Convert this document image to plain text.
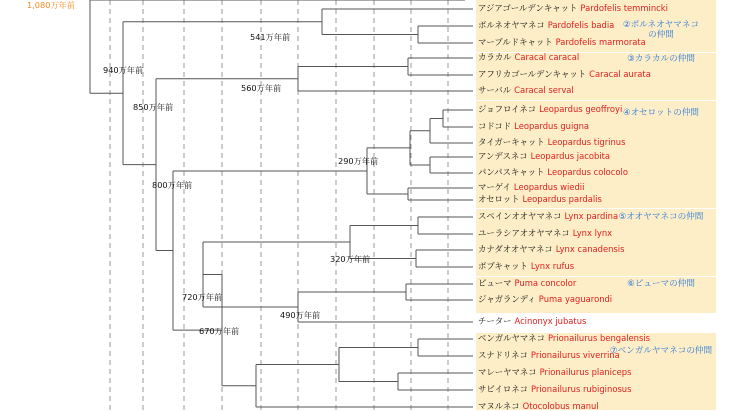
アジアゴールデンキャット Pardofelis temmincki
ボルネオヤマネコ Pardofelis badia
マーブルドキャット Pardofelis marmorata
カラカル Caracal caracal
アフリカゴールデンキャット Caracal aurata
サーバル Caracal serval
ジョフロイネコ Leopardus geoffroyi
コドコド Leopardus guigna
タイガーキャット Leopardus tigrinus
アンデスネコ Leopardus jacobita
パンパスキャット Leopardus colocolo
マーゲイ Leopardus wiedii
オセロット Leopardus pardalis
スペインオオヤマネコ Lynx pardina
ユーラシアオオヤマネコ Lynx lynx
カナダオオヤマネコ Lynx canadensis
ボブキャット Lynx rufus
ピューマ Puma concolor
ジャガランディ Puma yaguarondi
チーター Acinonyx jubatus
ベンガルヤマネコ Prionailurus bengalensis
スナドリネコ Prionailurus viverrina
マレーヤマネコ Prionailurus planiceps
サビイロネコ Prionailurus rubiginosus
マヌルネコ Otocolobus manul
②ボルネオヤマネコ
の仲間
③カラカルの仲間
④オセロットの仲間
⑤オオヤマネコの仲間
⑥ピューマの仲間
⑦ベンガルヤマネコの仲間
541万年前
940万年前
560万年前
850万年前
290万年前
800万年前
320万年前
720万年前
490万年前
670万年前
1,080万年前
